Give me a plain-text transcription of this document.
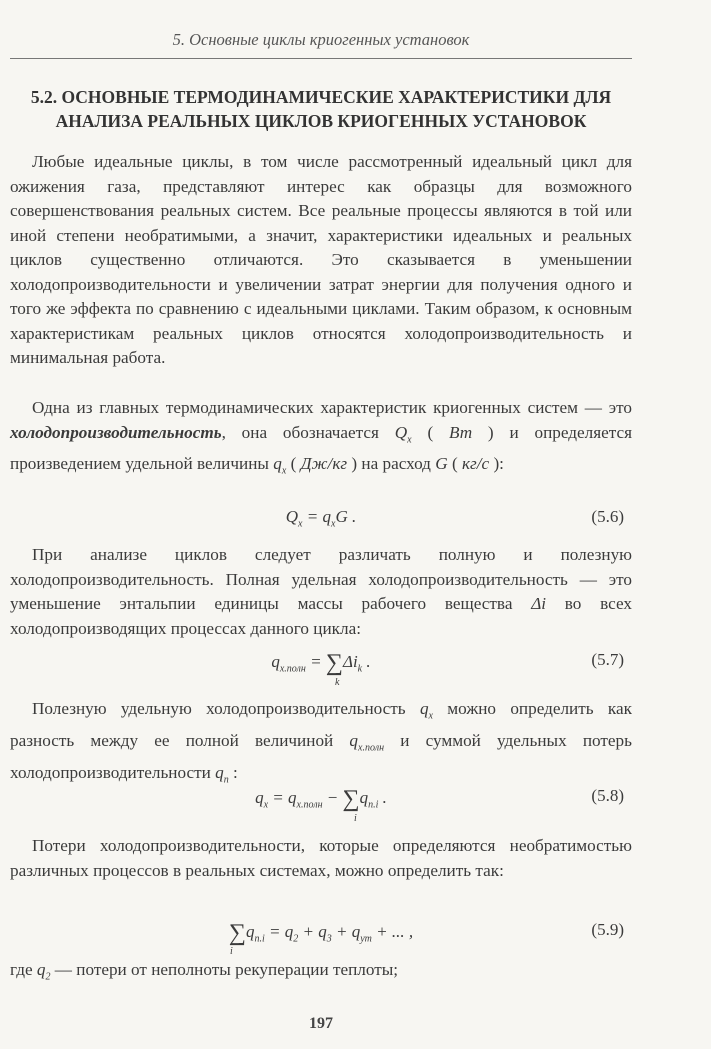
5. Основные циклы криогенных установок
5.2. ОСНОВНЫЕ ТЕРМОДИНАМИЧЕСКИЕ ХАРАКТЕРИСТИКИ ДЛЯ
АНАЛИЗА РЕАЛЬНЫХ ЦИКЛОВ КРИОГЕННЫХ УСТАНОВОК
Любые идеальные циклы, в том числе рассмотренный идеальный цикл для ожижения газа, представляют интерес как образцы для возможного совершенствования реальных систем. Все реальные процессы являются в той или иной степени необратимыми, а значит, характеристики идеальных и реальных циклов существенно отличаются. Это сказывается в уменьшении холодопроизводительности и увеличении затрат энергии для получения одного и того же эффекта по сравнению с идеальными циклами. Таким образом, к основным характеристикам реальных циклов относятся холодопроизводительность и минимальная работа.
Одна из главных термодинамических характеристик криогенных систем — это холодопроизводительность, она обозначается $Q_x$ ( Вт ) и определяется произведением удельной величины $q_x$ ( Дж/кг ) на расход G ( кг/с ):
$Q_x = q_xG$ .	(5.6)
При анализе циклов следует различать полную и полезную холодопроизводительность. Полная удельная холодопроизводительность — это уменьшение энтальпии единицы массы рабочего вещества Δi во всех холодопроизводящих процессах данного цикла:
$q_{x.полн} = \sum\Delta i_k$ .
k
(5.7)
Полезную удельную холодопроизводительность $q_x$ можно определить как разность между ее полной величиной $q_{x.полн}$ и суммой удельных потерь холодопроизводительности $q_п$ :
$q_x = q_{x.полн} - \sum q_{п.i}$ .
i
(5.8)
Потери холодопроизводительности, которые определяются необратимостью различных процессов в реальных системах, можно определить так:
$\sum q_{п.i} = q_2 + q_3 + q_{ут}$ + ... ,
i
(5.9)
где $q_2$ — потери от неполноты рекуперации теплоты;
197
